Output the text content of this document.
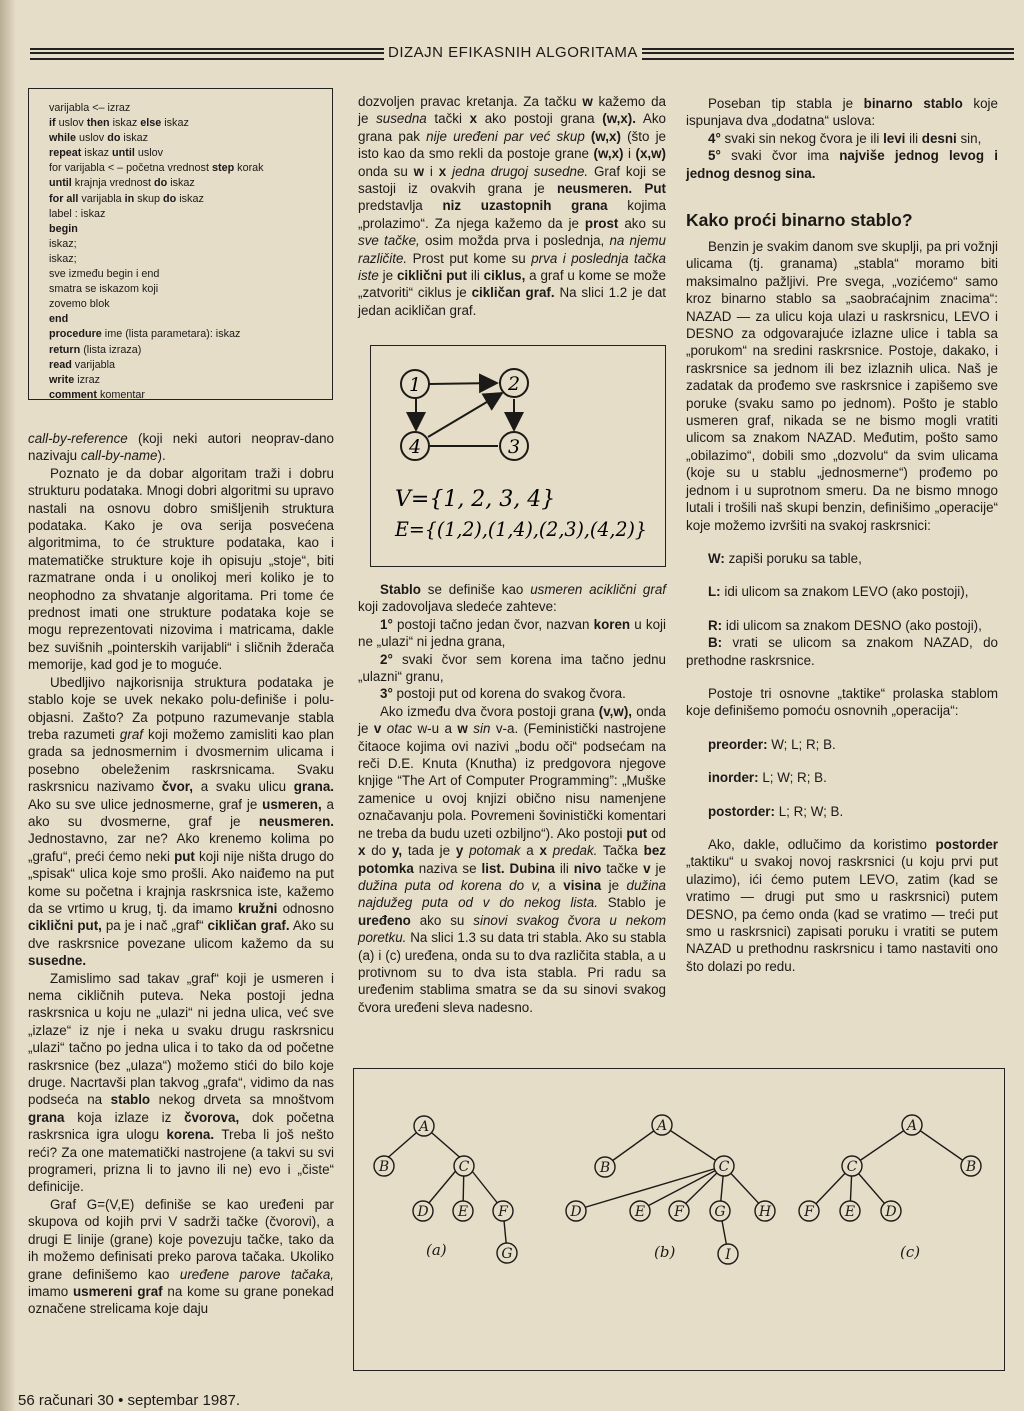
DIZAJN EFIKASNIH ALGORITAMA
varijabla <– izraz
if uslov then iskaz else iskaz
while uslov do iskaz
repeat iskaz until uslov
for varijabla < – početna vrednost step korak
until krajnja vrednost do iskaz
for all varijabla in skup do iskaz
label : iskaz
begin
iskaz;
iskaz;
sve između begin i end
smatra se iskazom koji
zovemo blok
end
procedure ime (lista parametara): iskaz
return (lista izraza)
read varijabla
write izraz
comment komentar

call-by-reference (koji neki autori neoprav-dano nazivaju call-by-name).

Poznato je da dobar algoritam traži i dobru strukturu podataka. Mnogi dobri algoritmi su upravo nastali na osnovu dobro smišljenih struktura podataka. Kako je ova serija posvećena algoritmima, to će strukture podataka, kao i matematičke strukture koje ih opisuju „stoje“, biti razmatrane onda i u onolikoj meri koliko je to neophodno za shvatanje algoritama. Pri tome će prednost imati one strukture podataka koje se mogu reprezentovati nizovima i matricama, dakle bez suvišnih „pointerskih varijabli“ i sličnih žderača memorije, kad god je to moguće.

Ubedljivo najkorisnija struktura podataka je stablo koje se uvek nekako polu-definiše i polu-objasni. Zašto? Za potpuno razumevanje stabla treba razumeti graf koji možemo zamisliti kao plan grada sa jednosmernim i dvosmernim ulicama i posebno obeleženim raskrsnicama. Svaku raskrsnicu nazivamo čvor, a svaku ulicu grana. Ako su sve ulice jednosmerne, graf je usmeren, a ako su dvosmerne, graf je neusmeren. Jednostavno, zar ne? Ako krenemo kolima po „grafu“, preći ćemo neki put koji nije ništa drugo do „spisak“ ulica koje smo prošli. Ako naiđemo na put kome su početna i krajnja raskrsnica iste, kažemo da se vrtimo u krug, tj. da imamo kružni odnosno ciklični put, pa je i nač „graf“ cikličan graf. Ako su dve raskrsnice povezane ulicom kažemo da su susedne.

Zamislimo sad takav „graf“ koji je usmeren i nema cikličnih puteva. Neka postoji jedna raskrsnica u koju ne „ulazi“ ni jedna ulica, već sve „izlaze“ iz nje i neka u svaku drugu raskrsnicu „ulazi“ tačno po jedna ulica i to tako da od početne raskrsnice (bez „ulaza“) možemo stići do bilo koje druge. Nacrtavši plan takvog „grafa“, vidimo da nas podseća na stablo nekog drveta sa mnoštvom grana koja izlaze iz čvorova, dok početna raskrsnica igra ulogu korena. Treba li još nešto reći? Za one matematički nastrojene (a takvi su svi programeri, prizna li to javno ili ne) evo i „čiste“ definicije.

Graf G=(V,E) definiše se kao uređeni par skupova od kojih prvi V sadrži tačke (čvorovi), a drugi E linije (grane) koje povezuju tačke, tako da ih možemo definisati preko parova tačaka. Ukoliko grane definišemo kao uređene parove tačaka, imamo usmereni graf na kome su grane ponekad označene strelicama koje daju

dozvoljen pravac kretanja. Za tačku w kažemo da je susedna tački x ako postoji grana (w,x). Ako grana pak nije uređeni par već skup (w,x) (što je isto kao da smo rekli da postoje grane (w,x) i (x,w) onda su w i x jedna drugoj susedne. Graf koji se sastoji iz ovakvih grana je neusmeren. Put predstavlja niz uzastopnih grana kojima „prolazimo“. Za njega kažemo da je prost ako su sve tačke, osim možda prva i poslednja, na njemu različite. Prost put kome su prva i poslednja tačka iste je ciklični put ili ciklus, a graf u kome se može „zatvoriti“ ciklus je cikličan graf. Na slici 1.2 je dat jedan acikličan graf.

1	2
3
4
V={1, 2, 3, 4}
E={(1,2),(1,4),(2,3),(4,2)}

Stablo se definiše kao usmeren aciklični graf koji zadovoljava sledeće zahteve:

1° postoji tačno jedan čvor, nazvan koren u koji ne „ulazi“ ni jedna grana,

2° svaki čvor sem korena ima tačno jednu „ulazni“ granu,

3° postoji put od korena do svakog čvora.

Ako između dva čvora postoji grana (v,w), onda je v otac w-u a w sin v-a. (Feministički nastrojene čitaoce kojima ovi nazivi „bodu oči“ podsećam na reči D.E. Knuta (Knutha) iz predgovora njegove knjige “The Art of Computer Programming”: „Muške zamenice u ovoj knjizi obično nisu namenjene označavanju pola. Povremeni šovinistički komentari ne treba da budu uzeti ozbiljno“). Ako postoji put od x do y, tada je y potomak a x predak. Tačka bez potomka naziva se list. Dubina ili nivo tačke v je dužina puta od korena do v, a visina je dužina najdužeg puta od v do nekog lista. Stablo je uređeno ako su sinovi svakog čvora u nekom poretku. Na slici 1.3 su data tri stabla. Ako su stabla (a) i (c) uređena, onda su to dva različita stabla, a u protivnom su to dva ista stabla. Pri radu sa uređenim stablima smatra se da su sinovi svakog čvora uređeni sleva nadesno.

Poseban tip stabla je binarno stablo koje ispunjava dva „dodatna“ uslova:

4° svaki sin nekog čvora je ili levi ili desni sin,

5° svaki čvor ima najviše jednog levog i jednog desnog sina.

Kako proći binarno stablo?

Benzin je svakim danom sve skuplji, pa pri vožnji ulicama (tj. granama) „stabla“ moramo biti maksimalno pažljivi. Pre svega, „vozićemo“ samo kroz binarno stablo sa „saobraćajnim znacima“: NAZAD — za ulicu koja ulazi u raskrsnicu, LEVO i DESNO za odgovarajuće izlazne ulice i tabla sa „porukom“ na sredini raskrsnice. Postoje, dakako, i raskrsnice sa jednom ili bez izlaznih ulica. Naš je zadatak da prođemo sve raskrsnice i zapišemo sve poruke (svaku samo po jednom). Pošto je stablo usmeren graf, nikada se ne bismo mogli vratiti ulicom sa znakom NAZAD. Međutim, pošto samo „obilazimo“, dobili smo „dozvolu“ da svim ulicama (koje su u stablu „jednosmerne“) prođemo po jednom i u suprotnom smeru. Da ne bismo mnogo lutali i trošili naš skupi benzin, definišimo „operacije“ koje možemo izvršiti na svakoj raskrsnici:

W: zapiši poruku sa table,

L: idi ulicom sa znakom LEVO (ako postoji),

R: idi ulicom sa znakom DESNO (ako postoji),

B: vrati se ulicom sa znakom NAZAD, do prethodne raskrsnice.

Postoje tri osnovne „taktike“ prolaska stablom koje definišemo pomoću osnovnih „operacija“:

preorder: W; L; R; B.

inorder: L; W; R; B.

postorder: L; R; W; B.

Ako, dakle, odlučimo da koristimo postorder „taktiku“ u svakoj novoj raskrsnici (u koju prvi put ulazimo), ići ćemo putem LEVO, zatim (kad se vratimo — drugi put smo u raskrsnici) putem DESNO, pa ćemo onda (kad se vratimo — treći put smo u raskrsnici) zapisati poruku i vratiti se putem NAZAD u prethodnu raskrsnicu i tamo nastaviti ono što dolazi po redu.

A
B	C
D E F
G
A
B	C
D	E F G H
I
A
C	B
F E D
(a)	(b)	(c)
56 računari 30 • septembar 1987.
